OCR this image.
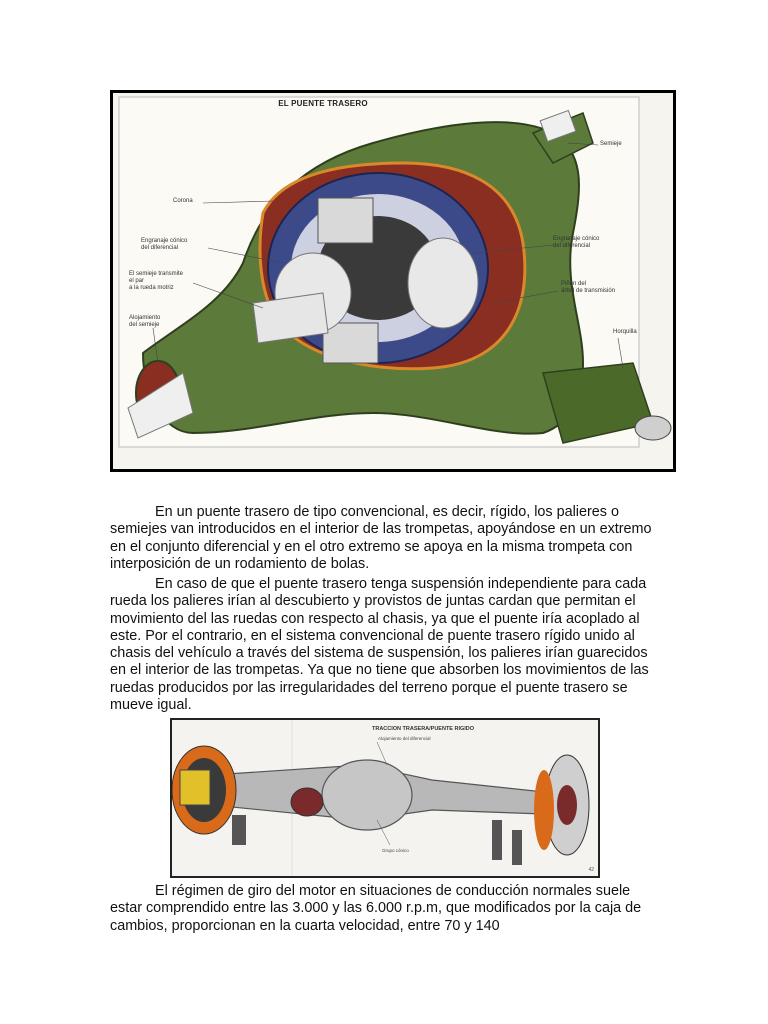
EL PUENTE TRASERO
Semieje
Corona
Engranaje cónico
del diferencial
El semieje transmite
el par
a la rueda motriz
Alojamiento
del semieje
Engranaje cónico
del diferencial
Piñón del
árbol de transmisión
Horquilla

En un puente trasero de tipo convencional, es decir, rígido, los palieres o semiejes van introducidos en el interior de las trompetas, apoyándose en un extremo en el conjunto diferencial y en el otro extremo se apoya en la misma trompeta con interposición de un rodamiento de bolas.

En caso de que el puente trasero tenga suspensión independiente para cada rueda los palieres irían al descubierto y provistos de juntas cardan que permitan el movimiento del las ruedas con respecto al chasis, ya que el puente iría acoplado al este. Por el contrario, en el sistema convencional de puente trasero rígido unido al chasis del vehículo a través del sistema de suspensión, los palieres irían guarecidos en el interior de las trompetas. Ya que no tiene que absorben los movimientos de las ruedas producidos por las irregularidades del terreno porque el puente trasero se mueve igual.

TRACCION TRASERA/PUENTE RIGIDO
Alojamiento del diferencial
Grupo cónico
42

El régimen de giro del motor en situaciones de conducción normales suele estar comprendido entre las 3.000 y las 6.000 r.p.m, que modificados por la caja de cambios, proporcionan en la cuarta velocidad, entre 70 y 140
